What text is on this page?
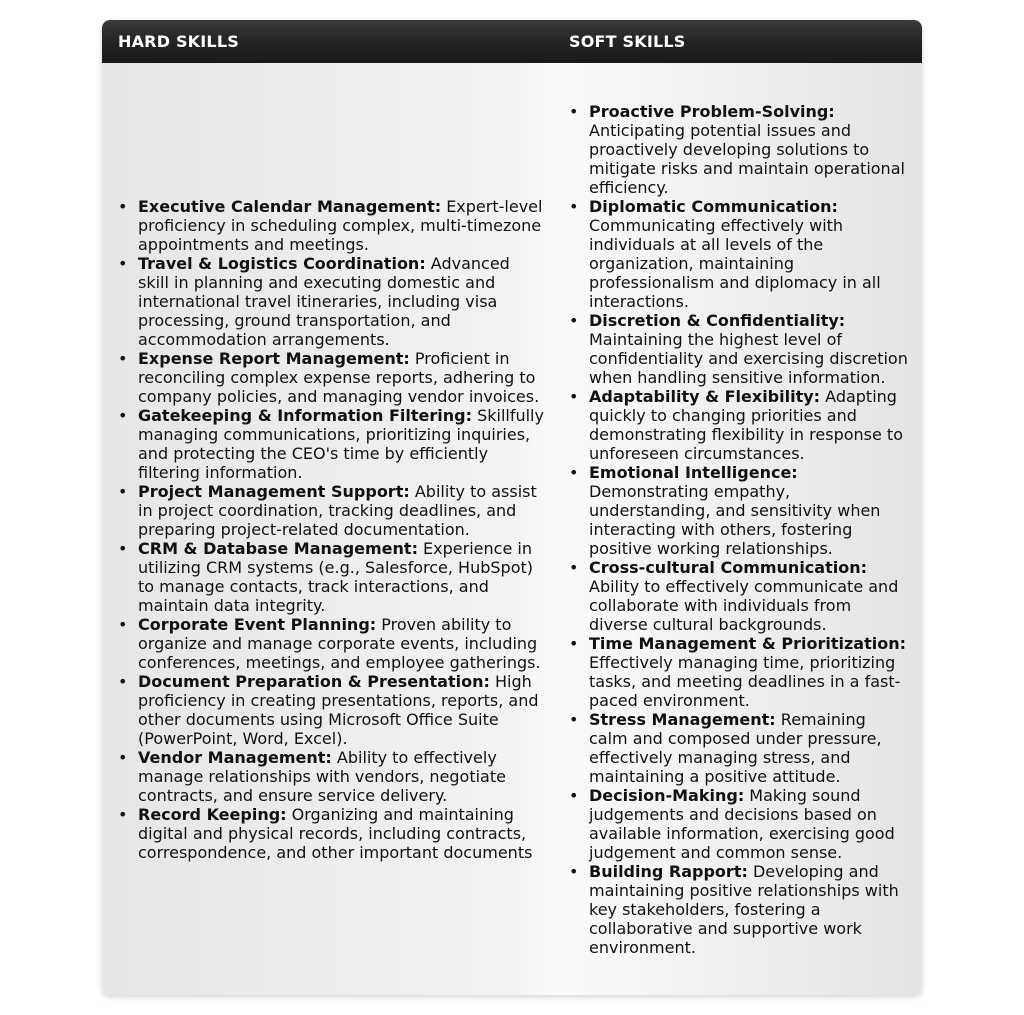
HARD SKILLS	SOFT SKILLS
• Executive Calendar Management: Expert-level proficiency in scheduling complex, multi-timezone appointments and meetings.
• Travel & Logistics Coordination: Advanced skill in planning and executing domestic and international travel itineraries, including visa processing, ground transportation, and accommodation arrangements.
• Expense Report Management: Proficient in reconciling complex expense reports, adhering to company policies, and managing vendor invoices.
• Gatekeeping & Information Filtering: Skillfully managing communications, prioritizing inquiries, and protecting the CEO's time by efficiently filtering information.
• Project Management Support: Ability to assist in project coordination, tracking deadlines, and preparing project-related documentation.
• CRM & Database Management: Experience in utilizing CRM systems (e.g., Salesforce, HubSpot) to manage contacts, track interactions, and maintain data integrity.
• Corporate Event Planning: Proven ability to organize and manage corporate events, including conferences, meetings, and employee gatherings.
• Document Preparation & Presentation: High proficiency in creating presentations, reports, and other documents using Microsoft Office Suite (PowerPoint, Word, Excel).
• Vendor Management: Ability to effectively manage relationships with vendors, negotiate contracts, and ensure service delivery.
• Record Keeping: Organizing and maintaining digital and physical records, including contracts, correspondence, and other important documents
• Proactive Problem-Solving: Anticipating potential issues and proactively developing solutions to mitigate risks and maintain operational efficiency.
• Diplomatic Communication: Communicating effectively with individuals at all levels of the organization, maintaining professionalism and diplomacy in all interactions.
• Discretion & Confidentiality: Maintaining the highest level of confidentiality and exercising discretion when handling sensitive information.
• Adaptability & Flexibility: Adapting quickly to changing priorities and demonstrating flexibility in response to unforeseen circumstances.
• Emotional Intelligence: Demonstrating empathy, understanding, and sensitivity when interacting with others, fostering positive working relationships.
• Cross-cultural Communication: Ability to effectively communicate and collaborate with individuals from diverse cultural backgrounds.
• Time Management & Prioritization: Effectively managing time, prioritizing tasks, and meeting deadlines in a fast-paced environment.
• Stress Management: Remaining calm and composed under pressure, effectively managing stress, and maintaining a positive attitude.
• Decision-Making: Making sound judgements and decisions based on available information, exercising good judgement and common sense.
• Building Rapport: Developing and maintaining positive relationships with key stakeholders, fostering a collaborative and supportive work environment.
